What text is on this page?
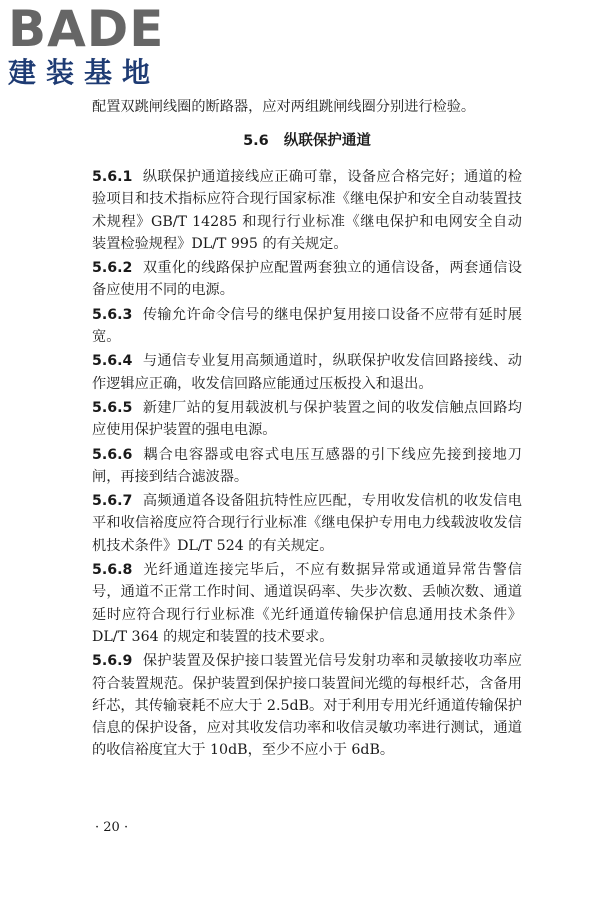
BADE
建装基地

配置双跳闸线圈的断路器，应对两组跳闸线圈分别进行检验。

5.6 纵联保护通道

5.6.1 纵联保护通道接线应正确可靠，设备应合格完好；通道的检验项目和技术指标应符合现行国家标准《继电保护和安全自动装置技术规程》GB/T 14285 和现行行业标准《继电保护和电网安全自动装置检验规程》DL/T 995 的有关规定。

5.6.2 双重化的线路保护应配置两套独立的通信设备，两套通信设备应使用不同的电源。

5.6.3 传输允许命令信号的继电保护复用接口设备不应带有延时展宽。

5.6.4 与通信专业复用高频通道时，纵联保护收发信回路接线、动作逻辑应正确，收发信回路应能通过压板投入和退出。

5.6.5 新建厂站的复用载波机与保护装置之间的收发信触点回路均应使用保护装置的强电电源。

5.6.6 耦合电容器或电容式电压互感器的引下线应先接到接地刀闸，再接到结合滤波器。

5.6.7 高频通道各设备阻抗特性应匹配，专用收发信机的收发信电平和收信裕度应符合现行行业标准《继电保护专用电力线载波收发信机技术条件》DL/T 524 的有关规定。

5.6.8 光纤通道连接完毕后，不应有数据异常或通道异常告警信号，通道不正常工作时间、通道误码率、失步次数、丢帧次数、通道延时应符合现行行业标准《光纤通道传输保护信息通用技术条件》DL/T 364 的规定和装置的技术要求。

5.6.9 保护装置及保护接口装置光信号发射功率和灵敏接收功率应符合装置规范。保护装置到保护接口装置间光缆的每根纤芯，含备用纤芯，其传输衰耗不应大于 2.5dB。对于利用专用光纤通道传输保护信息的保护设备，应对其收发信功率和收信灵敏功率进行测试，通道的收信裕度宜大于 10dB，至少不应小于 6dB。

· 20 ·
